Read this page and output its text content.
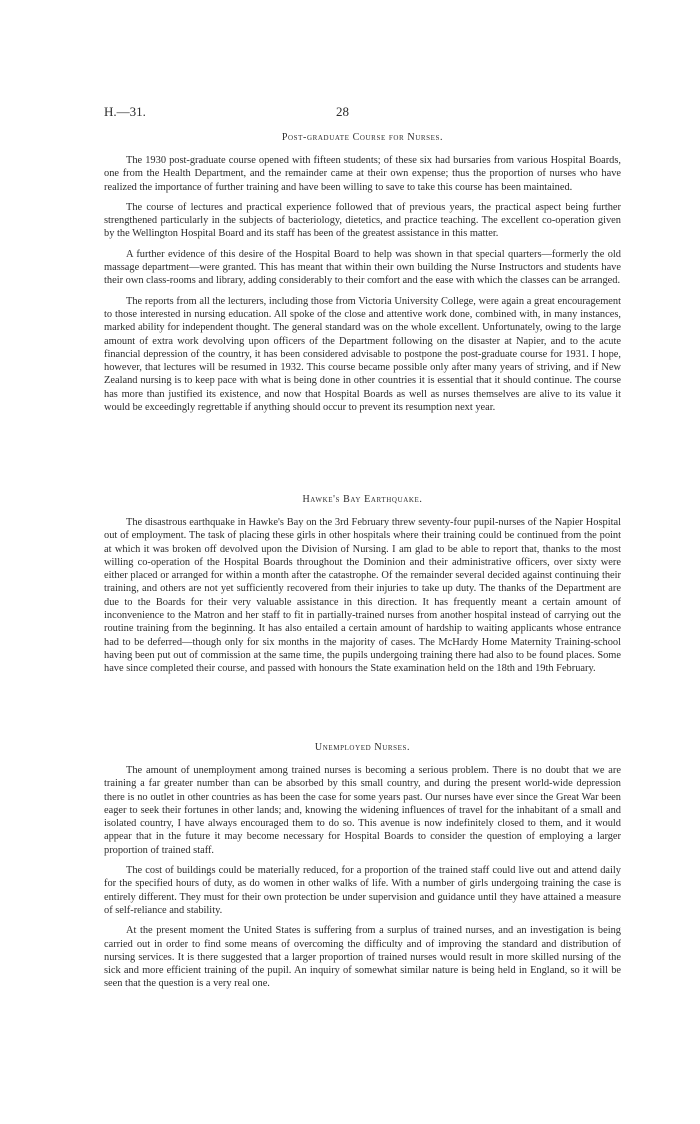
H.—31.	28
Post-graduate Course for Nurses.

The 1930 post-graduate course opened with fifteen students; of these six had bursaries from various Hospital Boards, one from the Health Department, and the remainder came at their own expense; thus the proportion of nurses who have realized the importance of further training and have been willing to save to take this course has been maintained.

The course of lectures and practical experience followed that of previous years, the practical aspect being further strengthened particularly in the subjects of bacteriology, dietetics, and practice teaching. The excellent co-operation given by the Wellington Hospital Board and its staff has been of the greatest assistance in this matter.

A further evidence of this desire of the Hospital Board to help was shown in that special quarters—formerly the old massage department—were granted. This has meant that within their own building the Nurse Instructors and students have their own class-rooms and library, adding considerably to their comfort and the ease with which the classes can be arranged.

The reports from all the lecturers, including those from Victoria University College, were again a great encouragement to those interested in nursing education. All spoke of the close and attentive work done, combined with, in many instances, marked ability for independent thought. The general standard was on the whole excellent. Unfortunately, owing to the large amount of extra work devolving upon officers of the Department following on the disaster at Napier, and to the acute financial depression of the country, it has been considered advisable to postpone the post-graduate course for 1931. I hope, however, that lectures will be resumed in 1932. This course became possible only after many years of striving, and if New Zealand nursing is to keep pace with what is being done in other countries it is essential that it should continue. The course has more than justified its existence, and now that Hospital Boards as well as nurses themselves are alive to its value it would be exceedingly regrettable if anything should occur to prevent its resumption next year.

Hawke's Bay Earthquake.

The disastrous earthquake in Hawke's Bay on the 3rd February threw seventy-four pupil-nurses of the Napier Hospital out of employment. The task of placing these girls in other hospitals where their training could be continued from the point at which it was broken off devolved upon the Division of Nursing. I am glad to be able to report that, thanks to the most willing co-operation of the Hospital Boards throughout the Dominion and their administrative officers, over sixty were either placed or arranged for within a month after the catastrophe. Of the remainder several decided against continuing their training, and others are not yet sufficiently recovered from their injuries to take up duty. The thanks of the Department are due to the Boards for their very valuable assistance in this direction. It has frequently meant a certain amount of inconvenience to the Matron and her staff to fit in partially-trained nurses from another hospital instead of carrying out the routine training from the beginning. It has also entailed a certain amount of hardship to waiting applicants whose entrance had to be deferred—though only for six months in the majority of cases. The McHardy Home Maternity Training-school having been put out of commission at the same time, the pupils undergoing training there had also to be found places. Some have since completed their course, and passed with honours the State examination held on the 18th and 19th February.

Unemployed Nurses.

The amount of unemployment among trained nurses is becoming a serious problem. There is no doubt that we are training a far greater number than can be absorbed by this small country, and during the present world-wide depression there is no outlet in other countries as has been the case for some years past. Our nurses have ever since the Great War been eager to seek their fortunes in other lands; and, knowing the widening influences of travel for the inhabitant of a small and isolated country, I have always encouraged them to do so. This avenue is now indefinitely closed to them, and it would appear that in the future it may become necessary for Hospital Boards to consider the question of employing a larger proportion of trained staff.

The cost of buildings could be materially reduced, for a proportion of the trained staff could live out and attend daily for the specified hours of duty, as do women in other walks of life. With a number of girls undergoing training the case is entirely different. They must for their own protection be under supervision and guidance until they have attained a measure of self-reliance and stability.

At the present moment the United States is suffering from a surplus of trained nurses, and an investigation is being carried out in order to find some means of overcoming the difficulty and of improving the standard and distribution of nursing services. It is there suggested that a larger proportion of trained nurses would result in more skilled nursing of the sick and more efficient training of the pupil. An inquiry of somewhat similar nature is being held in England, so it will be seen that the question is a very real one.
